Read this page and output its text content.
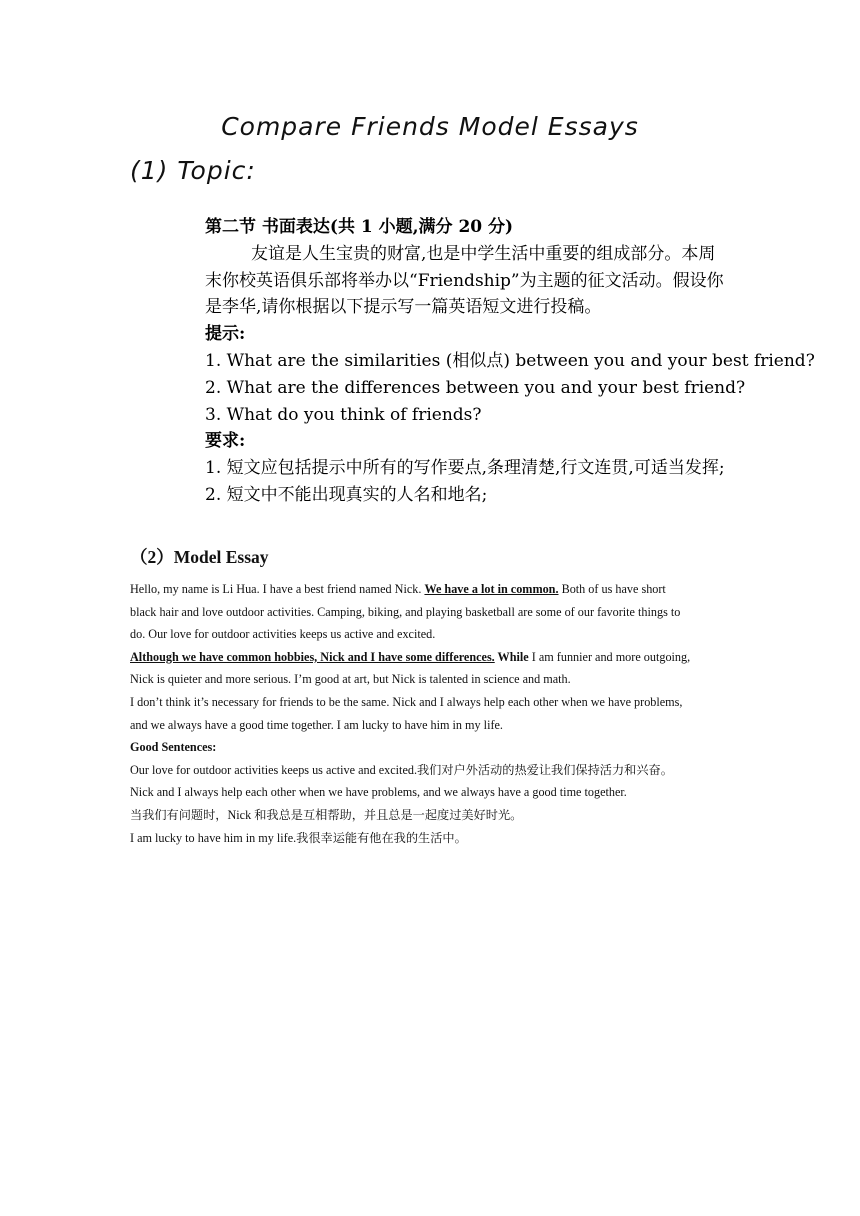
Compare Friends Model Essays
(1) Topic:
第二节 书面表达(共 1 小题,满分 20 分)
友谊是人生宝贵的财富,也是中学生活中重要的组成部分。本周
末你校英语俱乐部将举办以“Friendship”为主题的征文活动。假设你
是李华,请你根据以下提示写一篇英语短文进行投稿。
提示:
1. What are the similarities (相似点) between you and your best friend?
2. What are the differences between you and your best friend?
3. What do you think of friends?
要求:
1. 短文应包括提示中所有的写作要点,条理清楚,行文连贯,可适当发挥;
2. 短文中不能出现真实的人名和地名;
（2）Model Essay
Hello, my name is Li Hua. I have a best friend named Nick. We have a lot in common. Both of us have short
black hair and love outdoor activities. Camping, biking, and playing basketball are some of our favorite things to
do. Our love for outdoor activities keeps us active and excited.
Although we have common hobbies, Nick and I have some differences. While I am funnier and more outgoing,
Nick is quieter and more serious. I’m good at art, but Nick is talented in science and math.
I don’t think it’s necessary for friends to be the same. Nick and I always help each other when we have problems,
and we always have a good time together. I am lucky to have him in my life.
Good Sentences:
Our love for outdoor activities keeps us active and excited.我们对户外活动的热爱让我们保持活力和兴奋。
Nick and I always help each other when we have problems, and we always have a good time together.
当我们有问题时，Nick 和我总是互相帮助，并且总是一起度过美好时光。
I am lucky to have him in my life.我很幸运能有他在我的生活中。
